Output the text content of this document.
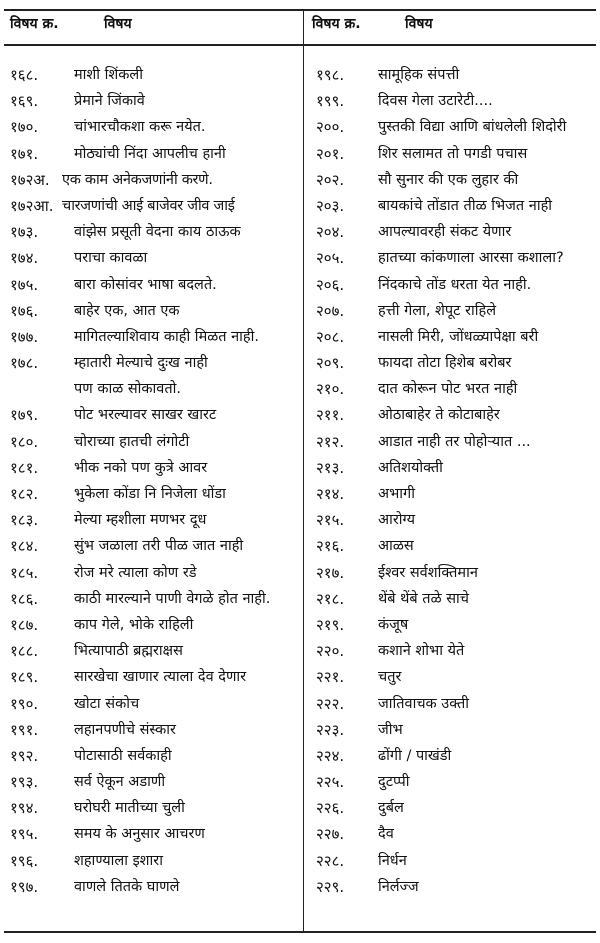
विषय क्र.	विषय	विषय क्र.	विषय
१६८. माशी शिंकली
१६९. प्रेमाने जिंकावे
१७०. चांभारचौकशा करू नयेत.
१७१. मोठ्यांची निंदा आपलीच हानी
१७२अ. एक काम अनेकजणांनी करणे.
१७२आ. चारजणांची आई बाजेवर जीव जाई
१७३. वांझेस प्रसूती वेदना काय ठाऊक
१७४. पराचा कावळा
१७५. बारा कोसांवर भाषा बदलते.
१७६. बाहेर एक, आत एक
१७७. मागितल्याशिवाय काही मिळत नाही.
१७८. म्हातारी मेल्याचे दुःख नाही
पण काळ सोकावतो.
१७९. पोट भरल्यावर साखर खारट
१८०. चोराच्या हातची लंगोटी
१८१. भीक नको पण कुत्रे आवर
१८२. भुकेला कोंडा नि निजेला धोंडा
१८३. मेल्या म्हशीला मणभर दूध
१८४. सुंभ जळाला तरी पीळ जात नाही
१८५. रोज मरे त्याला कोण रडे
१८६. काठी मारल्याने पाणी वेगळे होत नाही.
१८७. काप गेले, भोके राहिली
१८८. भित्यापाठी ब्रह्मराक्षस
१८९. सारखेचा खाणार त्याला देव देणार
१९०. खोटा संकोच
१९१. लहानपणीचे संस्कार
१९२. पोटासाठी सर्वकाही
१९३. सर्व ऐकून अडाणी
१९४. घरोघरी मातीच्या चुली
१९५. समय के अनुसार आचरण
१९६. शहाण्याला इशारा
१९७. वाणले तितके घाणले
१९८. सामूहिक संपत्ती
१९९. दिवस गेला उटारेटी....
२००. पुस्तकी विद्या आणि बांधलेली शिदोरी
२०१. शिर सलामत तो पगडी पचास
२०२. सौ सुनार की एक लुहार की
२०३. बायकांचे तोंडात तीळ भिजत नाही
२०४. आपल्यावरही संकट येणार
२०५. हातच्या कांकणाला आरसा कशाला?
२०६. निंदकाचे तोंड धरता येत नाही.
२०७. हत्ती गेला, शेपूट राहिले
२०८. नासली मिरी, जोंधळ्यापेक्षा बरी
२०९. फायदा तोटा हिशेब बरोबर
२१०. दात कोरून पोट भरत नाही
२११. ओठाबाहेर ते कोटाबाहेर
२१२. आडात नाही तर पोहोऱ्यात ...
२१३. अतिशयोक्ती
२१४. अभागी
२१५. आरोग्य
२१६. आळस
२१७. ईश्वर सर्वशक्तिमान
२१८. थेंबे थेंबे तळे साचे
२१९. कंजूष
२२०. कशाने शोभा येते
२२१. चतुर
२२२. जातिवाचक उक्ती
२२३. जीभ
२२४. ढोंगी / पाखंडी
२२५. दुटप्पी
२२६. दुर्बल
२२७. दैव
२२८. निर्धन
२२९. निर्लज्ज
